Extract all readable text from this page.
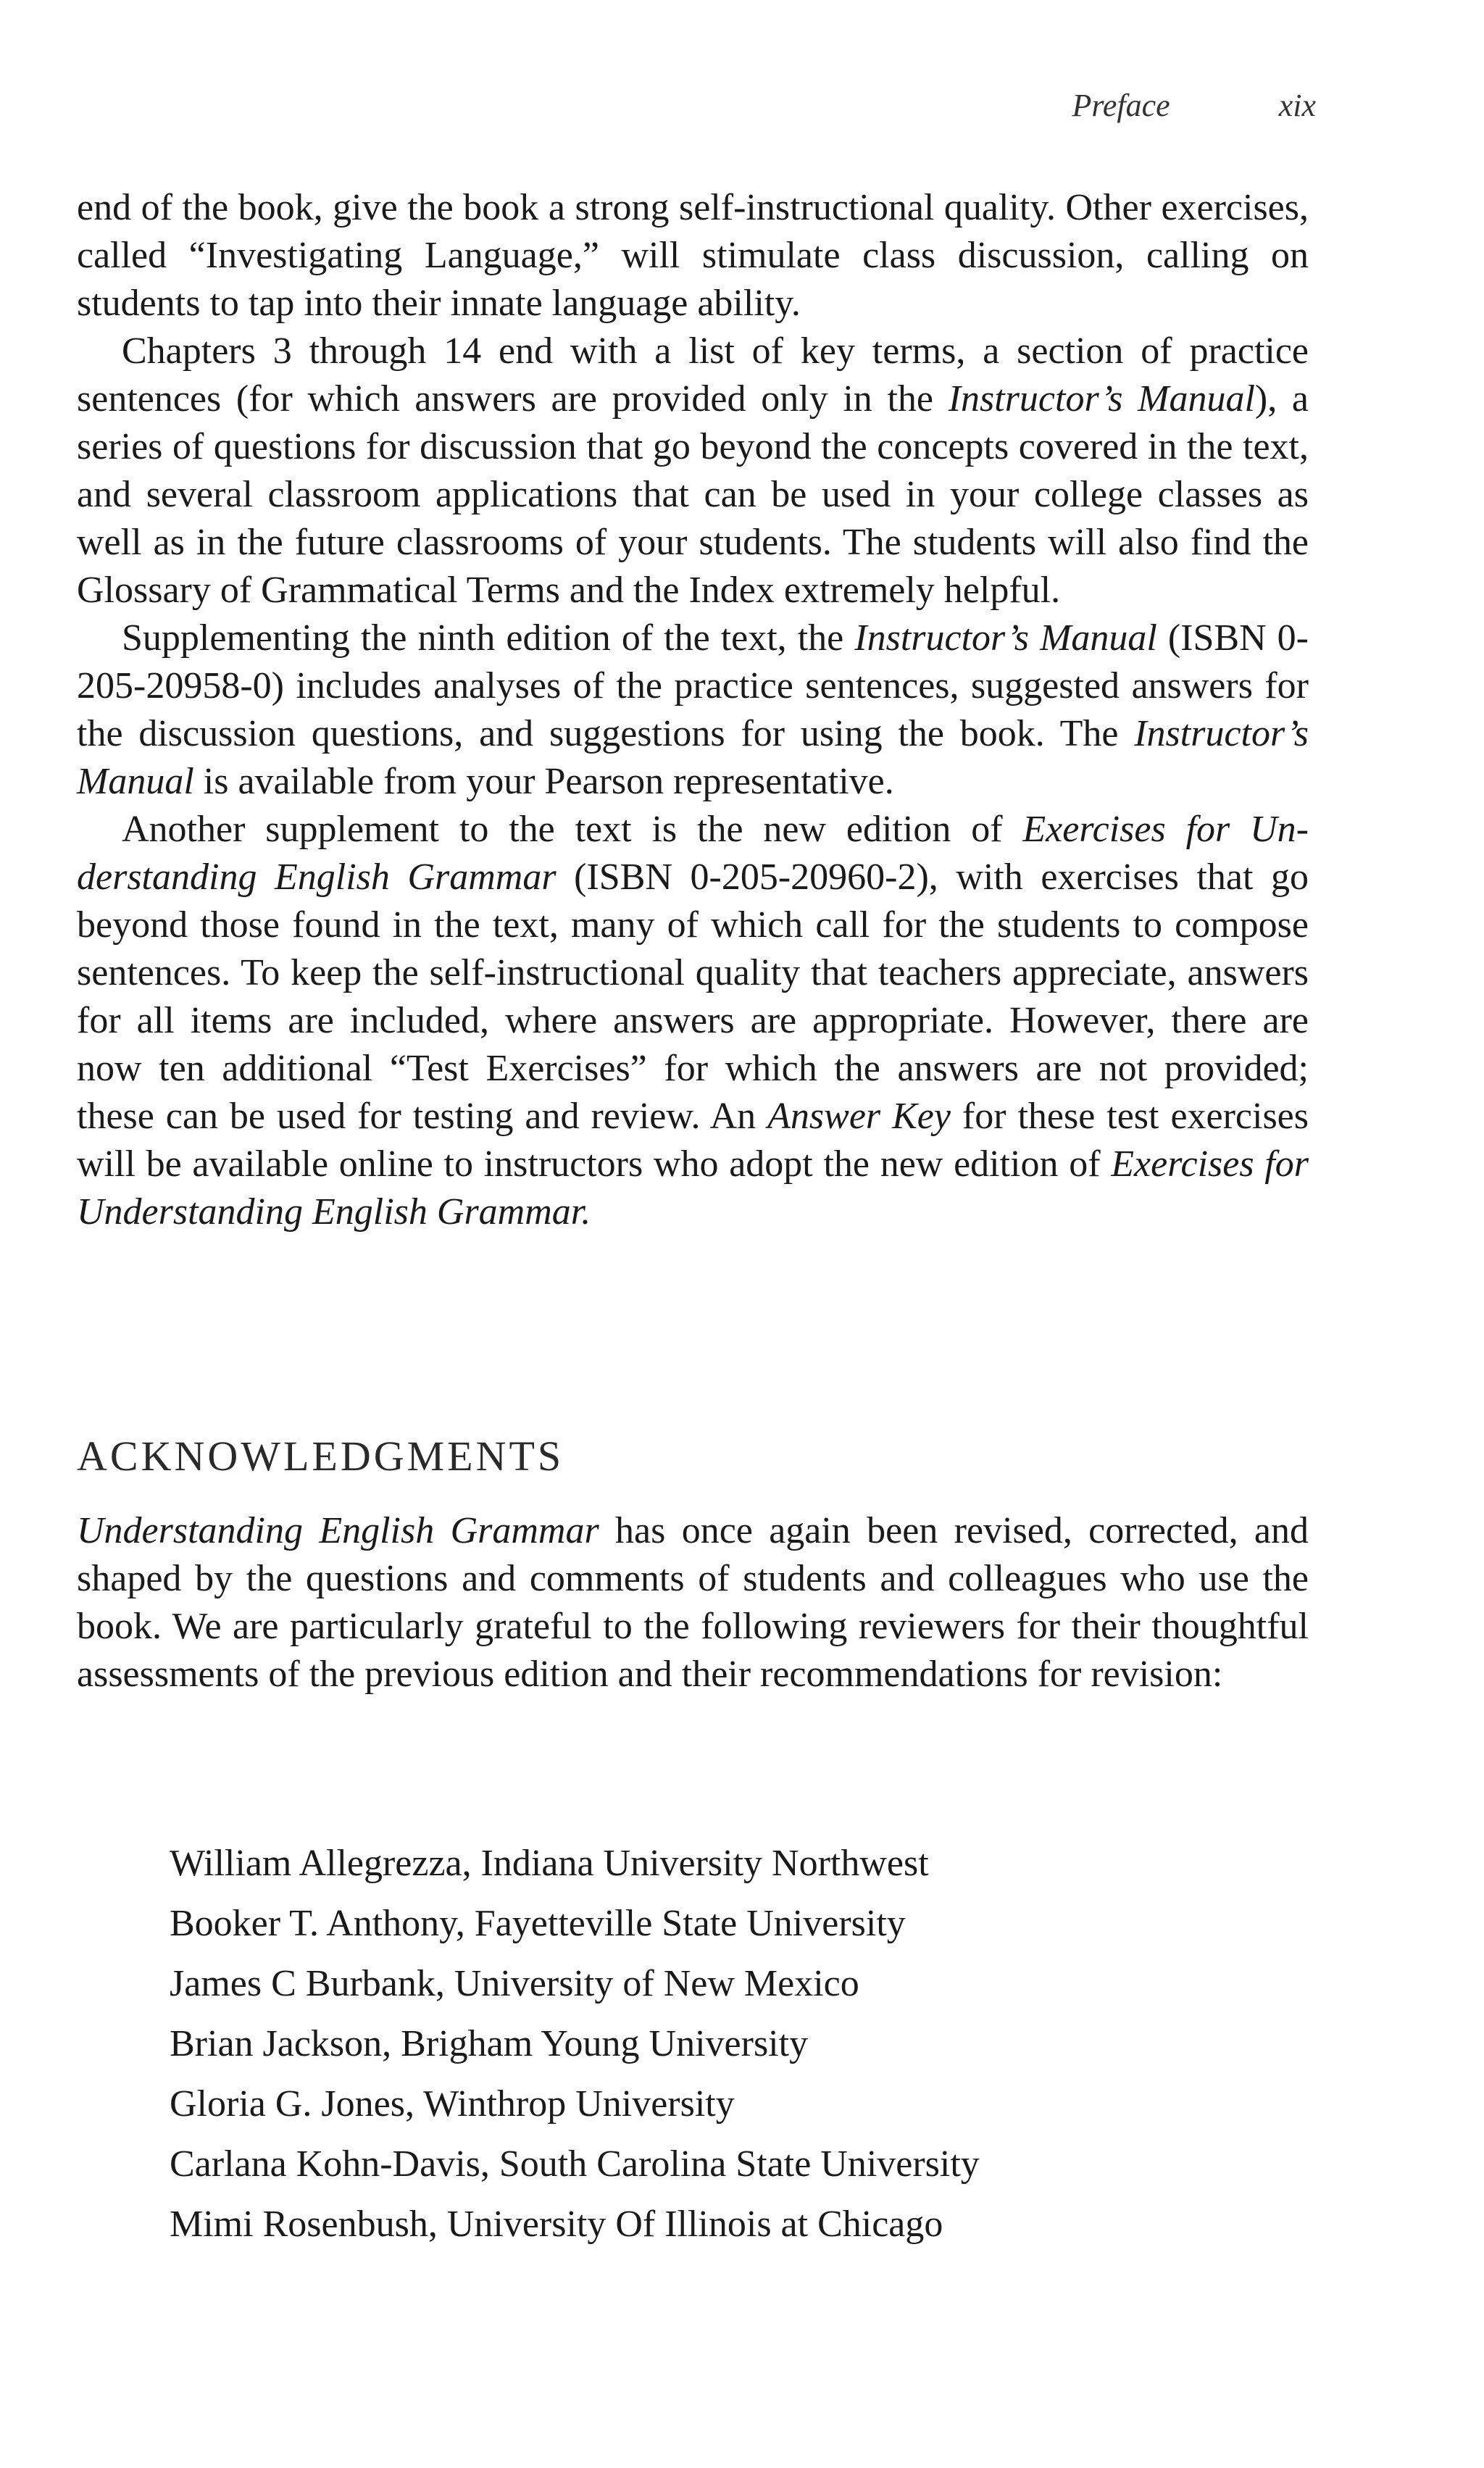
Preface	xix

end of the book, give the book a strong self-instructional quality. Other exercises, called “Investigating Language,” will stimulate class discussion, calling on students to tap into their innate language ability.

Chapters 3 through 14 end with a list of key terms, a section of practice sentences (for which answers are provided only in the Instructor’s Manual), a series of questions for discussion that go beyond the concepts covered in the text, and several classroom applications that can be used in your college classes as well as in the future classrooms of your students. The students will also find the Glossary of Grammatical Terms and the Index extremely helpful.

Supplementing the ninth edition of the text, the Instructor’s Manual (ISBN 0-205-20958-0) includes analyses of the practice sentences, suggested answers for the discussion questions, and suggestions for using the book. The Instructor’s Manual is available from your Pearson representative.

Another supplement to the text is the new edition of Exercises for Understanding English Grammar (ISBN 0-205-20960-2), with exercises that go beyond those found in the text, many of which call for the students to compose sentences. To keep the self-instructional quality that teachers appreciate, answers for all items are included, where answers are appropriate. However, there are now ten additional “Test Exercises” for which the answers are not provided; these can be used for testing and review. An Answer Key for these test exercises will be available online to instructors who adopt the new edition of Exercises for Understanding English Grammar.

ACKNOWLEDGMENTS

Understanding English Grammar has once again been revised, corrected, and shaped by the questions and comments of students and colleagues who use the book. We are particularly grateful to the following reviewers for their thoughtful assessments of the previous edition and their recommendations for revision:

William Allegrezza, Indiana University Northwest
Booker T. Anthony, Fayetteville State University
James C Burbank, University of New Mexico
Brian Jackson, Brigham Young University
Gloria G. Jones, Winthrop University
Carlana Kohn-Davis, South Carolina State University
Mimi Rosenbush, University Of Illinois at Chicago
